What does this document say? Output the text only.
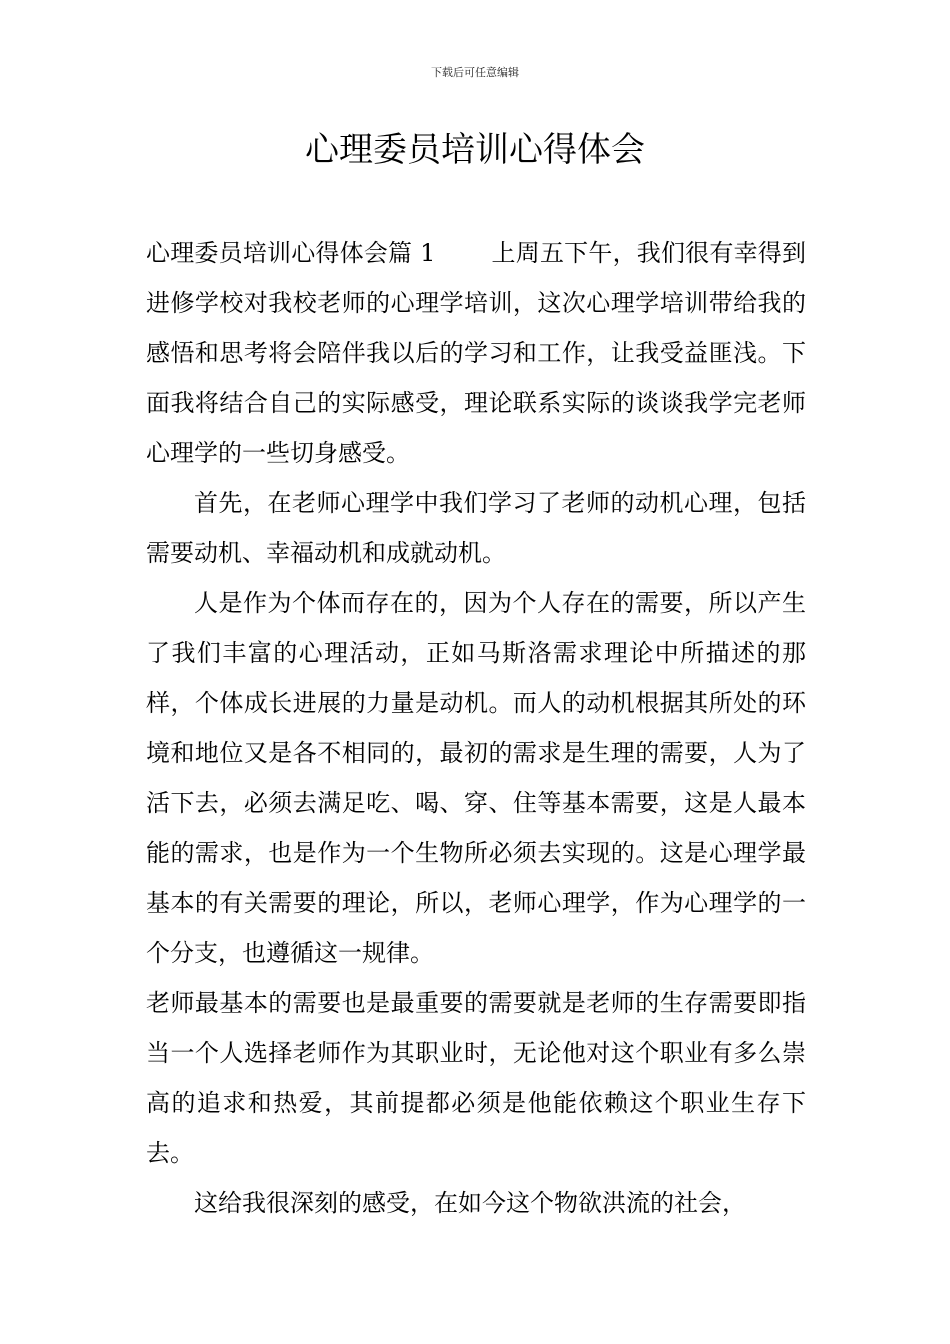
下载后可任意编辑
心理委员培训心得体会

心理委员培训心得体会篇 1 上周五下午，我们很有幸得到进修学校对我校老师的心理学培训，这次心理学培训带给我的感悟和思考将会陪伴我以后的学习和工作，让我受益匪浅。下面我将结合自己的实际感受，理论联系实际的谈谈我学完老师心理学的一些切身感受。

首先，在老师心理学中我们学习了老师的动机心理，包括需要动机、幸福动机和成就动机。

人是作为个体而存在的，因为个人存在的需要，所以产生了我们丰富的心理活动，正如马斯洛需求理论中所描述的那样，个体成长进展的力量是动机。而人的动机根据其所处的环境和地位又是各不相同的，最初的需求是生理的需要，人为了活下去，必须去满足吃、喝、穿、住等基本需要，这是人最本能的需求，也是作为一个生物所必须去实现的。这是心理学最基本的有关需要的理论，所以，老师心理学，作为心理学的一个分支，也遵循这一规律。

老师最基本的需要也是最重要的需要就是老师的生存需要即指当一个人选择老师作为其职业时，无论他对这个职业有多么崇高的追求和热爱，其前提都必须是他能依赖这个职业生存下去。

这给我很深刻的感受，在如今这个物欲洪流的社会，
